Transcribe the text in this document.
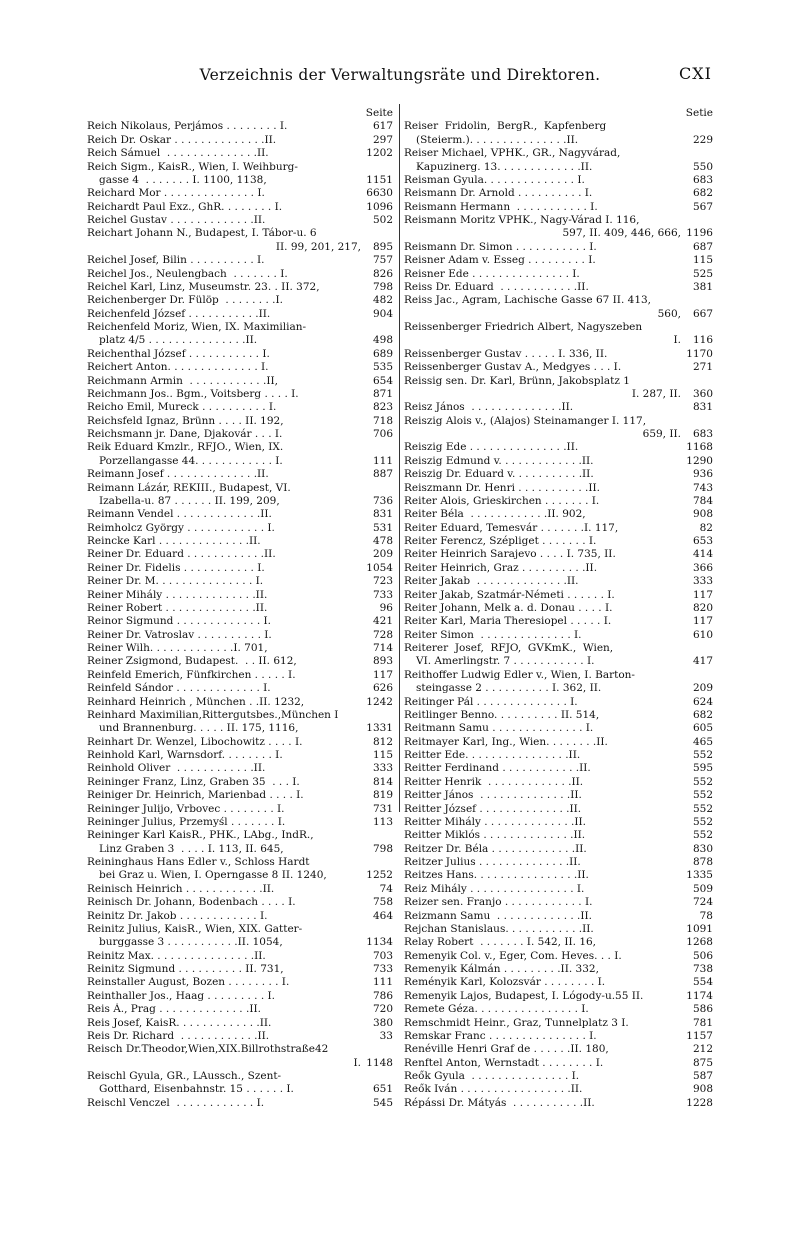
Verzeichnis der Verwaltungsräte und Direktoren.	CXI
Seite
Reich Nikolaus, Perjámos . . . . . . . . I.	617
Reich Dr. Oskar . . . . . . . . . . . . . .II.	297
Reich Sámuel  . . . . . . . . . . . . . .II.	1202
Reich Sigm., KaisR., Wien, I. Weihburg-
gasse 4  . . . . . . . I. 1100, 1138,	1151
Reichard Mor . . . . . . . . . . . . . . I.	6630
Reichardt Paul Exz., GhR. . . . . . . . I.	1096
Reichel Gustav . . . . . . . . . . . . .II.	502
Reichart Johann N., Budapest, I. Tábor-u. 6
II. 99, 201, 217,	895
Reichel Josef, Bilin . . . . . . . . . . I.	757
Reichel Jos., Neulengbach  . . . . . . . I.	826
Reichel Karl, Linz, Museumstr. 23. . II. 372,	798
Reichenberger Dr. Fülöp  . . . . . . . .I.	482
Reichenfeld József . . . . . . . . . . .II.	904
Reichenfeld Moriz, Wien, IX. Maximilian-
platz 4/5 . . . . . . . . . . . . . . .II.	498
Reichenthal József . . . . . . . . . . . I.	689
Reichert Anton. . . . . . . . . . . . . . I.	535
Reichmann Armin  . . . . . . . . . . . .II,	654
Reichmann Jos.. Bgm., Voitsberg . . . . I.	871
Reicho Emil, Mureck . . . . . . . . . . I.	823
Reichsfeld Ignaz, Brünn . . . . II. 192,	718
Reichsmann jr. Dane, Djakovár . . . I.	706
Reik Eduard Kmzlr., RFJO., Wien, IX.
Porzellangasse 44. . . . . . . . . . . . I.	111
Reimann Josef . . . . . . . . . . . . . .II.	887
Reimann Lázár, REKIII., Budapest, VI.
Izabella-u. 87 . . . . . . II. 199, 209,	736
Reimann Vendel . . . . . . . . . . . . .II.	831
Reimholcz György . . . . . . . . . . . . I.	531
Reincke Karl . . . . . . . . . . . . . .II.	478
Reiner Dr. Eduard . . . . . . . . . . . .II.	209
Reiner Dr. Fidelis . . . . . . . . . . . I.	1054
Reiner Dr. M. . . . . . . . . . . . . . . I.	723
Reiner Mihály . . . . . . . . . . . . . .II.	733
Reiner Robert . . . . . . . . . . . . . .II.	96
Reinor Sigmund . . . . . . . . . . . . . I.	421
Reiner Dr. Vatroslav . . . . . . . . . . I.	728
Reiner Wilh. . . . . . . . . . . . .I. 701,	714
Reiner Zsigmond, Budapest.  . . II. 612,	893
Reinfeld Emerich, Fünfkirchen . . . . . I.	117
Reinfeld Sándor . . . . . . . . . . . . . I.	626
Reinhard Heinrich , München . .II. 1232,	1242
Reinhard Maximilian,Rittergutsbes.,München I
und Brannenburg. . . . . II. 175, 1116,	1331
Reinhart Dr. Wenzel, Libochowitz . . . . I.	812
Reinhold Karl, Warnsdorf. . . . . . . . I.	115
Reinhold Oliver  . . . . . . . . . . . .II.	333
Reininger Franz, Linz, Graben 35  . . . I.	814
Reiniger Dr. Heinrich, Marienbad . . . . I.	819
Reininger Julijo, Vrbovec . . . . . . . . I.	731
Reininger Julius, Przemyśl . . . . . . . I.	113
Reininger Karl KaisR., PHK., LAbg., IndR.,
Linz Graben 3  . . . . I. 113, II. 645,	798
Reininghaus Hans Edler v., Schloss Hardt
bei Graz u. Wien, I. Operngasse 8 II. 1240,	1252
Reinisch Heinrich . . . . . . . . . . . .II.	74
Reinisch Dr. Johann, Bodenbach . . . . I.	758
Reinitz Dr. Jakob . . . . . . . . . . . . I.	464
Reinitz Julius, KaisR., Wien, XIX. Gatter-
burggasse 3 . . . . . . . . . . .II. 1054,	1134
Reinitz Max. . . . . . . . . . . . . . . .II.	703
Reinitz Sigmund . . . . . . . . . . II. 731,	733
Reinstaller August, Bozen . . . . . . . . I.	111
Reinthaller Jos., Haag . . . . . . . . . I.	786
Reis Á., Prag . . . . . . . . . . . . . .II.	720
Reis Josef, KaisR. . . . . . . . . . . . .II.	380
Reis Dr. Richard  . . . . . . . . . . . .II.	33
Reisch Dr.Theodor,Wien,XIX.Billrothstraße42
I. 1148
Reischl Gyula, GR., LAussch., Szent-
Gotthard, Eisenbahnstr. 15 . . . . . . I.	651
Reischl Venczel  . . . . . . . . . . . . I.	545
Setie
Reiser  Fridolin,  BergR.,  Kapfenberg
(Steierm.). . . . . . . . . . . . . . .II.	229
Reiser Michael, VPHK., GR., Nagyvárad,
Kapuzinerg. 13. . . . . . . . . . . . .II.	550
Reisman Gyula. . . . . . . . . . . . . . I.	683
Reismann Dr. Arnold . . . . . . . . . . I.	682
Reismann Hermann  . . . . . . . . . . . I.	567
Reismann Moritz VPHK., Nagy-Várad I. 116,
597, II. 409, 446, 666, 1196
Reismann Dr. Simon . . . . . . . . . . . I.	687
Reisner Adam v. Esseg . . . . . . . . . I.	115
Reisner Ede . . . . . . . . . . . . . . . I.	525
Reiss Dr. Eduard  . . . . . . . . . . . .II.	381
Reiss Jac., Agram, Lachische Gasse 67 II. 413,
560,	667
Reissenberger Friedrich Albert, Nagyszeben
I.	116
Reissenberger Gustav . . . . . I. 336, II.	1170
Reissenberger Gustav A., Medgyes . . . I.	271
Reissig sen. Dr. Karl, Brünn, Jakobsplatz 1
I. 287, II.	360
Reisz János  . . . . . . . . . . . . . .II.	831
Reiszig Alois v., (Alajos) Steinamanger I. 117,
659, II.	683
Reiszig Ede . . . . . . . . . . . . . . .II.	1168
Reiszig Edmund v. . . . . . . . . . . . .II.	1290
Reiszig Dr. Eduard v. . . . . . . . . . .II.	936
Reiszmann Dr. Henri . . . . . . . . . . .II.	743
Reiter Alois, Grieskirchen . . . . . . . I.	784
Reiter Béla  . . . . . . . . . . . .II. 902,	908
Reiter Eduard, Temesvár . . . . . . .I. 117,	82
Reiter Ferencz, Szépliget . . . . . . . I.	653
Reiter Heinrich Sarajevo . . . . I. 735, II.	414
Reiter Heinrich, Graz . . . . . . . . . .II.	366
Reiter Jakab  . . . . . . . . . . . . . .II.	333
Reiter Jakab, Szatmár-Németi . . . . . . I.	117
Reiter Johann, Melk a. d. Donau . . . . I.	820
Reiter Karl, Maria Theresiopel . . . . . I.	117
Reiter Simon  . . . . . . . . . . . . . . I.	610
Reiterer  Josef,  RFJO,  GVKmK.,  Wien,
VI. Amerlingstr. 7 . . . . . . . . . . . I.	417
Reithoffer Ludwig Edler v., Wien, I. Barton-
steingasse 2 . . . . . . . . . . I. 362, II.	209
Reitinger Pál . . . . . . . . . . . . . . I.	624
Reitlinger Benno. . . . . . . . . . II. 514,	682
Reitmann Samu . . . . . . . . . . . . . . I.	605
Reitmayer Karl, Ing., Wien. . . . . . . .II.	465
Reitter Ede. . . . . . . . . . . . . . . .II.	552
Reitter Ferdinand . . . . . . . . . . . .II.	595
Reitter Henrik  . . . . . . . . . . . . .II.	552
Reitter János  . . . . . . . . . . . . . .II.	552
Reitter József . . . . . . . . . . . . . .II.	552
Reitter Mihály . . . . . . . . . . . . . .II.	552
Reitter Miklós . . . . . . . . . . . . . .II.	552
Reitzer Dr. Béla . . . . . . . . . . . . .II.	830
Reitzer Julius . . . . . . . . . . . . . .II.	878
Reitzes Hans. . . . . . . . . . . . . . . .II.	1335
Reiz Mihály . . . . . . . . . . . . . . . . I.	509
Reizer sen. Franjo . . . . . . . . . . . . I.	724
Reizmann Samu  . . . . . . . . . . . . .II.	78
Rejchan Stanislaus. . . . . . . . . . . .II.	1091
Relay Robert  . . . . . . . I. 542, II. 16,	1268
Remenyik Col. v., Eger, Com. Heves. . . I.	506
Remenyik Kálmán . . . . . . . . .II. 332,	738
Reményik Karl, Kolozsvár . . . . . . . . I.	554
Remenyik Lajos, Budapest, I. Lógody-u.55 II.	1174
Remete Géza. . . . . . . . . . . . . . . . I.	586
Remschmidt Heinr., Graz, Tunnelplatz 3 I.	781
Remskar Franc . . . . . . . . . . . . . . . I.	1157
Renéville Henri Graf de . . . . . .II. 180,	212
Renftel Anton, Wernstadt . . . . . . . . I.	875
Reők Gyula  . . . . . . . . . . . . . . . I.	587
Reők Iván . . . . . . . . . . . . . . . . .II.	908
Répássi Dr. Mátyás  . . . . . . . . . . .II.	1228
